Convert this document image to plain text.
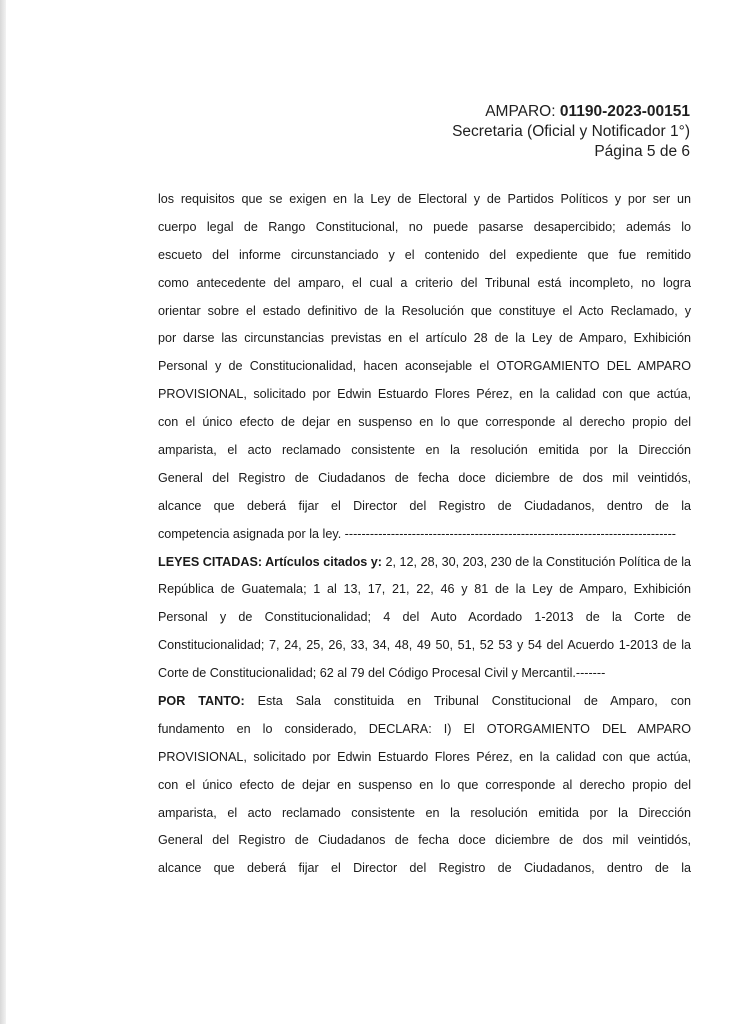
AMPARO: 01190-2023-00151
Secretaria (Oficial y Notificador 1°)
Página 5 de 6

los requisitos que se exigen en la Ley de Electoral y de Partidos Políticos y por ser un
cuerpo legal de Rango Constitucional, no puede pasarse desapercibido; además lo
escueto del informe circunstanciado y el contenido del expediente que fue remitido
como antecedente del amparo, el cual a criterio del Tribunal está incompleto, no logra
orientar sobre el estado definitivo de la Resolución que constituye el Acto Reclamado, y
por darse las circunstancias previstas en el artículo 28 de la Ley de Amparo, Exhibición
Personal y de Constitucionalidad, hacen aconsejable el OTORGAMIENTO DEL AMPARO
PROVISIONAL, solicitado por Edwin Estuardo Flores Pérez, en la calidad con que actúa,
con el único efecto de dejar en suspenso en lo que corresponde al derecho propio del
amparista, el acto reclamado consistente en la resolución emitida por la Dirección
General del Registro de Ciudadanos de fecha doce diciembre de dos mil veintidós,
alcance que deberá fijar el Director del Registro de Ciudadanos, dentro de la
competencia asignada por la ley. -------------------------------------------------------------------------------

LEYES CITADAS: Artículos citados y: 2, 12, 28, 30, 203, 230 de la Constitución Política de la
República de Guatemala; 1 al 13, 17, 21, 22, 46 y 81 de la Ley de Amparo, Exhibición
Personal y de Constitucionalidad; 4 del Auto Acordado 1-2013 de la Corte de
Constitucionalidad; 7, 24, 25, 26, 33, 34, 48, 49 50, 51, 52 53 y 54 del Acuerdo 1-2013 de la
Corte de Constitucionalidad; 62 al 79 del Código Procesal Civil y Mercantil.-------

POR TANTO: Esta Sala constituida en Tribunal Constitucional de Amparo, con
fundamento en lo considerado, DECLARA: I) El OTORGAMIENTO DEL AMPARO
PROVISIONAL, solicitado por Edwin Estuardo Flores Pérez, en la calidad con que actúa,
con el único efecto de dejar en suspenso en lo que corresponde al derecho propio del
amparista, el acto reclamado consistente en la resolución emitida por la Dirección
General del Registro de Ciudadanos de fecha doce diciembre de dos mil veintidós,
alcance que deberá fijar el Director del Registro de Ciudadanos, dentro de la
